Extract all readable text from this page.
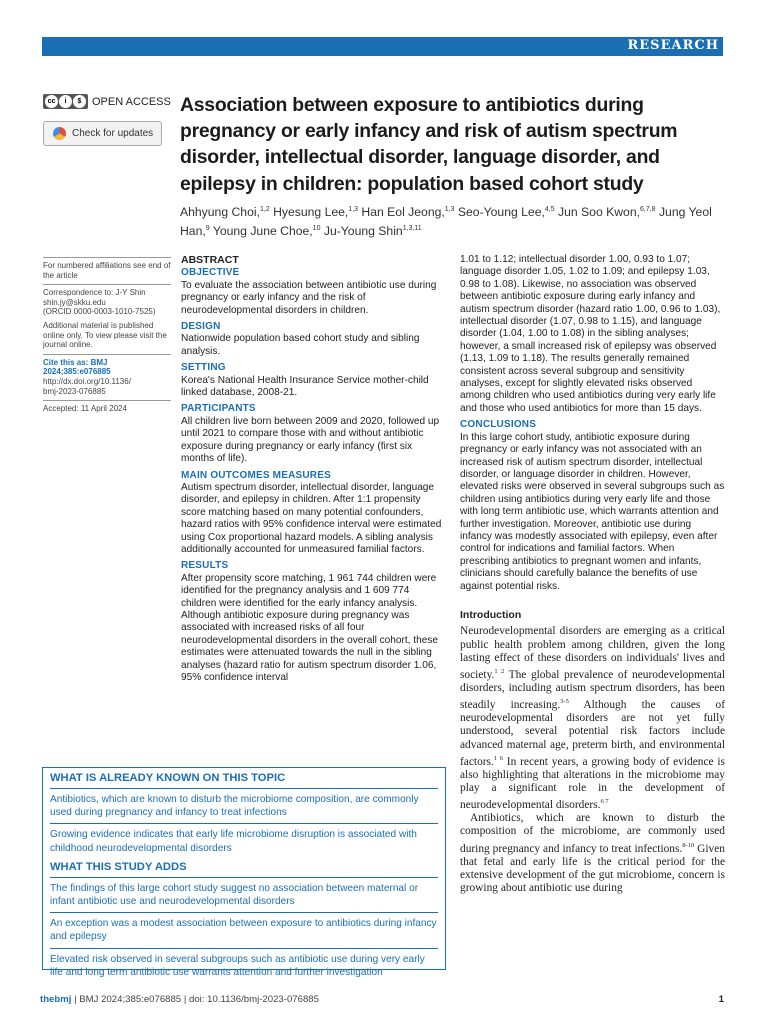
RESEARCH
cc	i	$ OPEN ACCESS
Check for updates
Association between exposure to antibiotics during pregnancy or early infancy and risk of autism spectrum disorder, intellectual disorder, language disorder, and epilepsy in children: population based cohort study
Ahhyung Choi,$^{1,2}$ Hyesung Lee,$^{1,3}$ Han Eol Jeong,$^{1,3}$ Seo-Young Lee,$^{4,5}$ Jun Soo Kwon,$^{6,7,8}$ Jung Yeol Han,$^9$ Young June Choe,$^{10}$ Ju-Young Shin$^{1,3,11}$

For numbered affiliations see end of the article

Correspondence to: J-Y Shin
shin.jy@skku.edu
(ORCID 0000-0003-1010-7525)

Additional material is published online only. To view please visit the journal online.

Cite this as: BMJ 2024;385:e076885
http://dx.doi.org/10.1136/
bmj-2023-076885

Accepted: 11 April 2024

ABSTRACT
OBJECTIVE

To evaluate the association between antibiotic use during pregnancy or early infancy and the risk of neurodevelopmental disorders in children.

DESIGN

Nationwide population based cohort study and sibling analysis.

SETTING

Korea's National Health Insurance Service mother-child linked database, 2008-21.

PARTICIPANTS

All children live born between 2009 and 2020, followed up until 2021 to compare those with and without antibiotic exposure during pregnancy or early infancy (first six months of life).

MAIN OUTCOMES MEASURES

Autism spectrum disorder, intellectual disorder, language disorder, and epilepsy in children. After 1:1 propensity score matching based on many potential confounders, hazard ratios with 95% confidence interval were estimated using Cox proportional hazard models. A sibling analysis additionally accounted for unmeasured familial factors.

RESULTS

After propensity score matching, 1 961 744 children were identified for the pregnancy analysis and 1 609 774 children were identified for the early infancy analysis. Although antibiotic exposure during pregnancy was associated with increased risks of all four neurodevelopmental disorders in the overall cohort, these estimates were attenuated towards the null in the sibling analyses (hazard ratio for autism spectrum disorder 1.06, 95% confidence interval

1.01 to 1.12; intellectual disorder 1.00, 0.93 to 1.07; language disorder 1.05, 1.02 to 1.09; and epilepsy 1.03, 0.98 to 1.08). Likewise, no association was observed between antibiotic exposure during early infancy and autism spectrum disorder (hazard ratio 1.00, 0.96 to 1.03), intellectual disorder (1.07, 0.98 to 1.15), and language disorder (1.04, 1.00 to 1.08) in the sibling analyses; however, a small increased risk of epilepsy was observed (1.13, 1.09 to 1.18). The results generally remained consistent across several subgroup and sensitivity analyses, except for slightly elevated risks observed among children who used antibiotics during very early life and those who used antibiotics for more than 15 days.

CONCLUSIONS

In this large cohort study, antibiotic exposure during pregnancy or early infancy was not associated with an increased risk of autism spectrum disorder, intellectual disorder, or language disorder in children. However, elevated risks were observed in several subgroups such as children using antibiotics during very early life and those with long term antibiotic use, which warrants attention and further investigation. Moreover, antibiotic use during infancy was modestly associated with epilepsy, even after control for indications and familial factors. When prescribing antibiotics to pregnant women and infants, clinicians should carefully balance the benefits of use against potential risks.

Introduction

Neurodevelopmental disorders are emerging as a critical public health problem among children, given the long lasting effect of these disorders on individuals' lives and society.$^{1 2}$ The global prevalence of neurodevelopmental disorders, including autism spectrum disorders, has been steadily increasing.$^{3-5}$ Although the causes of neurodevelopmental disorders are not yet fully understood, several potential risk factors include advanced maternal age, preterm birth, and environmental factors.$^{1 6}$ In recent years, a growing body of evidence is also highlighting that alterations in the microbiome may play a significant role in the development of neurodevelopmental disorders.$^{6 7}$

Antibiotics, which are known to disturb the composition of the microbiome, are commonly used during pregnancy and infancy to treat infections.$^{8-10}$ Given that fetal and early life is the critical period for the extensive development of the gut microbiome, concern is growing about antibiotic use during

WHAT IS ALREADY KNOWN ON THIS TOPIC

Antibiotics, which are known to disturb the microbiome composition, are commonly used during pregnancy and infancy to treat infections

Growing evidence indicates that early life microbiome disruption is associated with childhood neurodevelopmental disorders

WHAT THIS STUDY ADDS

The findings of this large cohort study suggest no association between maternal or infant antibiotic use and neurodevelopmental disorders

An exception was a modest association between exposure to antibiotics during infancy and epilepsy

Elevated risk observed in several subgroups such as antibiotic use during very early life and long term antibiotic use warrants attention and further investigation

thebmj | BMJ 2024;385:e076885 | doi: 10.1136/bmj-2023-076885	1
